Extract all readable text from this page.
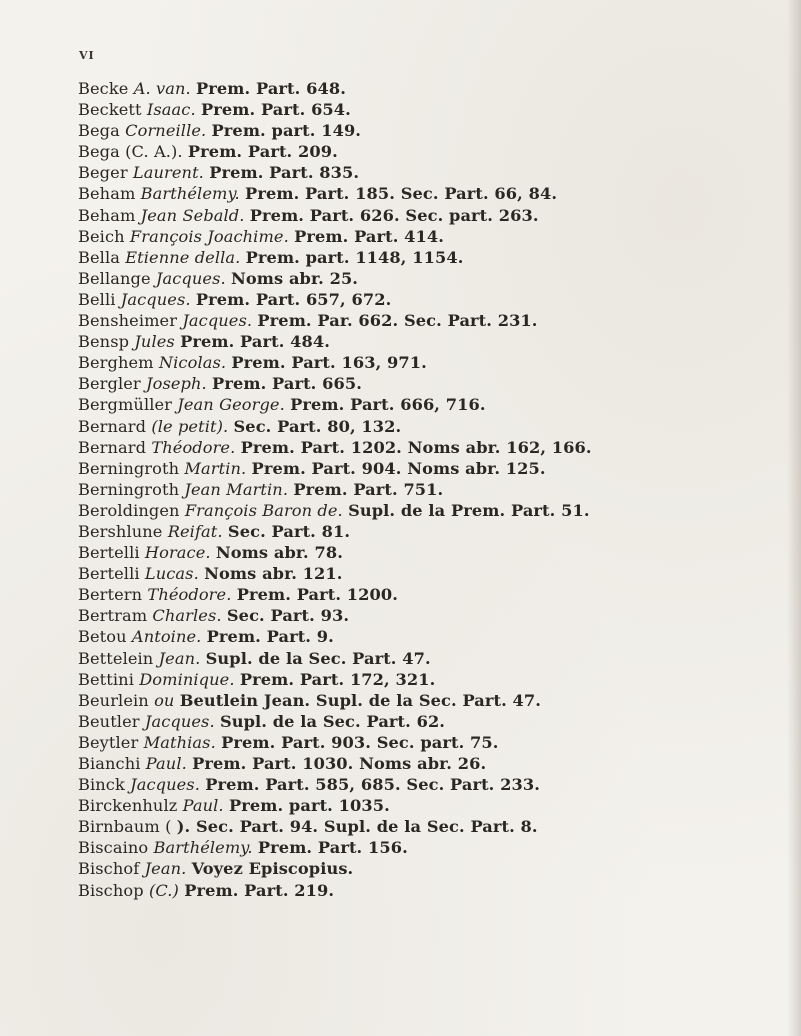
VI
Becke A. van. Prem. Part. 648.
Beckett Isaac. Prem. Part. 654.
Bega Corneille. Prem. part. 149.
Bega (C. A.). Prem. Part. 209.
Beger Laurent. Prem. Part. 835.
Beham Barthélemy. Prem. Part. 185. Sec. Part. 66, 84.
Beham Jean Sebald. Prem. Part. 626. Sec. part. 263.
Beich François Joachime. Prem. Part. 414.
Bella Etienne della. Prem. part. 1148, 1154.
Bellange Jacques. Noms abr. 25.
Belli Jacques. Prem. Part. 657, 672.
Bensheimer Jacques. Prem. Par. 662. Sec. Part. 231.
Bensp Jules Prem. Part. 484.
Berghem Nicolas. Prem. Part. 163, 971.
Bergler Joseph. Prem. Part. 665.
Bergmüller Jean George. Prem. Part. 666, 716.
Bernard (le petit). Sec. Part. 80, 132.
Bernard Théodore. Prem. Part. 1202. Noms abr. 162, 166.
Berningroth Martin. Prem. Part. 904. Noms abr. 125.
Berningroth Jean Martin. Prem. Part. 751.
Beroldingen François Baron de. Supl. de la Prem. Part. 51.
Bershlune Reifat. Sec. Part. 81.
Bertelli Horace. Noms abr. 78.
Bertelli Lucas. Noms abr. 121.
Bertern Théodore. Prem. Part. 1200.
Bertram Charles. Sec. Part. 93.
Betou Antoine. Prem. Part. 9.
Bettelein Jean. Supl. de la Sec. Part. 47.
Bettini Dominique. Prem. Part. 172, 321.
Beurlein ou Beutlein Jean. Supl. de la Sec. Part. 47.
Beutler Jacques. Supl. de la Sec. Part. 62.
Beytler Mathias. Prem. Part. 903. Sec. part. 75.
Bianchi Paul. Prem. Part. 1030. Noms abr. 26.
Binck Jacques. Prem. Part. 585, 685. Sec. Part. 233.
Birckenhulz Paul. Prem. part. 1035.
Birnbaum ( ). Sec. Part. 94. Supl. de la Sec. Part. 8.
Biscaino Barthélemy. Prem. Part. 156.
Bischof Jean. Voyez Episcopius.
Bischop (C.) Prem. Part. 219.
